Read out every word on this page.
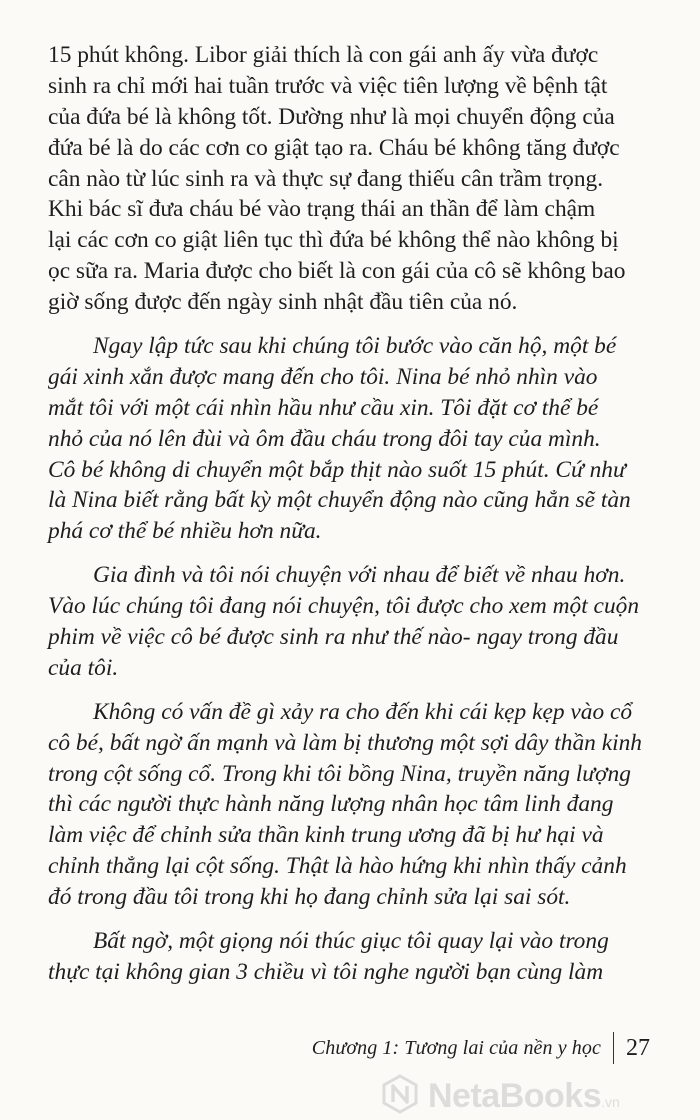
15 phút không. Libor giải thích là con gái anh ấy vừa được
sinh ra chỉ mới hai tuần trước và việc tiên lượng về bệnh tật
của đứa bé là không tốt. Dường như là mọi chuyển động của
đứa bé là do các cơn co giật tạo ra. Cháu bé không tăng được
cân nào từ lúc sinh ra và thực sự đang thiếu cân trầm trọng.
Khi bác sĩ đưa cháu bé vào trạng thái an thần để làm chậm
lại các cơn co giật liên tục thì đứa bé không thể nào không bị
ọc sữa ra. Maria được cho biết là con gái của cô sẽ không bao
giờ sống được đến ngày sinh nhật đầu tiên của nó.
Ngay lập tức sau khi chúng tôi bước vào căn hộ, một bé
gái xinh xắn được mang đến cho tôi. Nina bé nhỏ nhìn vào
mắt tôi với một cái nhìn hầu như cầu xin. Tôi đặt cơ thể bé
nhỏ của nó lên đùi và ôm đầu cháu trong đôi tay của mình.
Cô bé không di chuyển một bắp thịt nào suốt 15 phút. Cứ như
là Nina biết rằng bất kỳ một chuyển động nào cũng hẳn sẽ tàn
phá cơ thể bé nhiều hơn nữa.
Gia đình và tôi nói chuyện với nhau để biết về nhau hơn.
Vào lúc chúng tôi đang nói chuyện, tôi được cho xem một cuộn
phim về việc cô bé được sinh ra như thế nào- ngay trong đầu
của tôi.
Không có vấn đề gì xảy ra cho đến khi cái kẹp kẹp vào cổ
cô bé, bất ngờ ấn mạnh và làm bị thương một sợi dây thần kinh
trong cột sống cổ. Trong khi tôi bồng Nina, truyền năng lượng
thì các người thực hành năng lượng nhân học tâm linh đang
làm việc để chỉnh sửa thần kinh trung ương đã bị hư hại và
chỉnh thẳng lại cột sống. Thật là hào hứng khi nhìn thấy cảnh
đó trong đầu tôi trong khi họ đang chỉnh sửa lại sai sót.
Bất ngờ, một giọng nói thúc giục tôi quay lại vào trong
thực tại không gian 3 chiều vì tôi nghe người bạn cùng làm
Chương 1: Tương lai của nền y học 27
NetaBooks .vn
